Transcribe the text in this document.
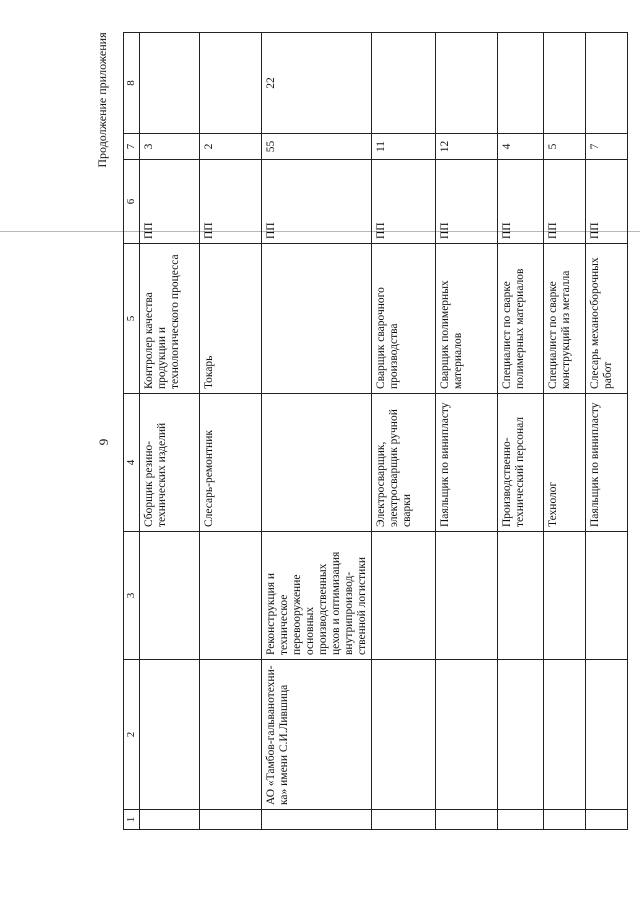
9
Продолжение приложения
1	2	3	4	5	6	7	8
			Сборщик резино-технических изделий	Контролер качества продукции и технологического процесса	ПП	3	
			Слесарь-ремонтник	Токарь	ПП	2	
	АО «Тамбов-гальванотехни-ка» имени С.И.Лившица	Реконструкция и техническое перевооружение основных производственных цехов и оптимизация внутрипроизвод-ственной логистики			ПП	55	22
			Электросварщик, электросварщик ручной сварки	Сварщик сварочного производства	ПП	11	
			Паяльщик по винипласту	Сварщик полимерных материалов	ПП	12	
			Производственно-технический персонал	Специалист по сварке полимерных материалов	ПП	4	
			Технолог	Специалист по сварке конструкций из металла	ПП	5	
			Паяльщик по винипласту	Слесарь механосборочных работ	ПП	7	
